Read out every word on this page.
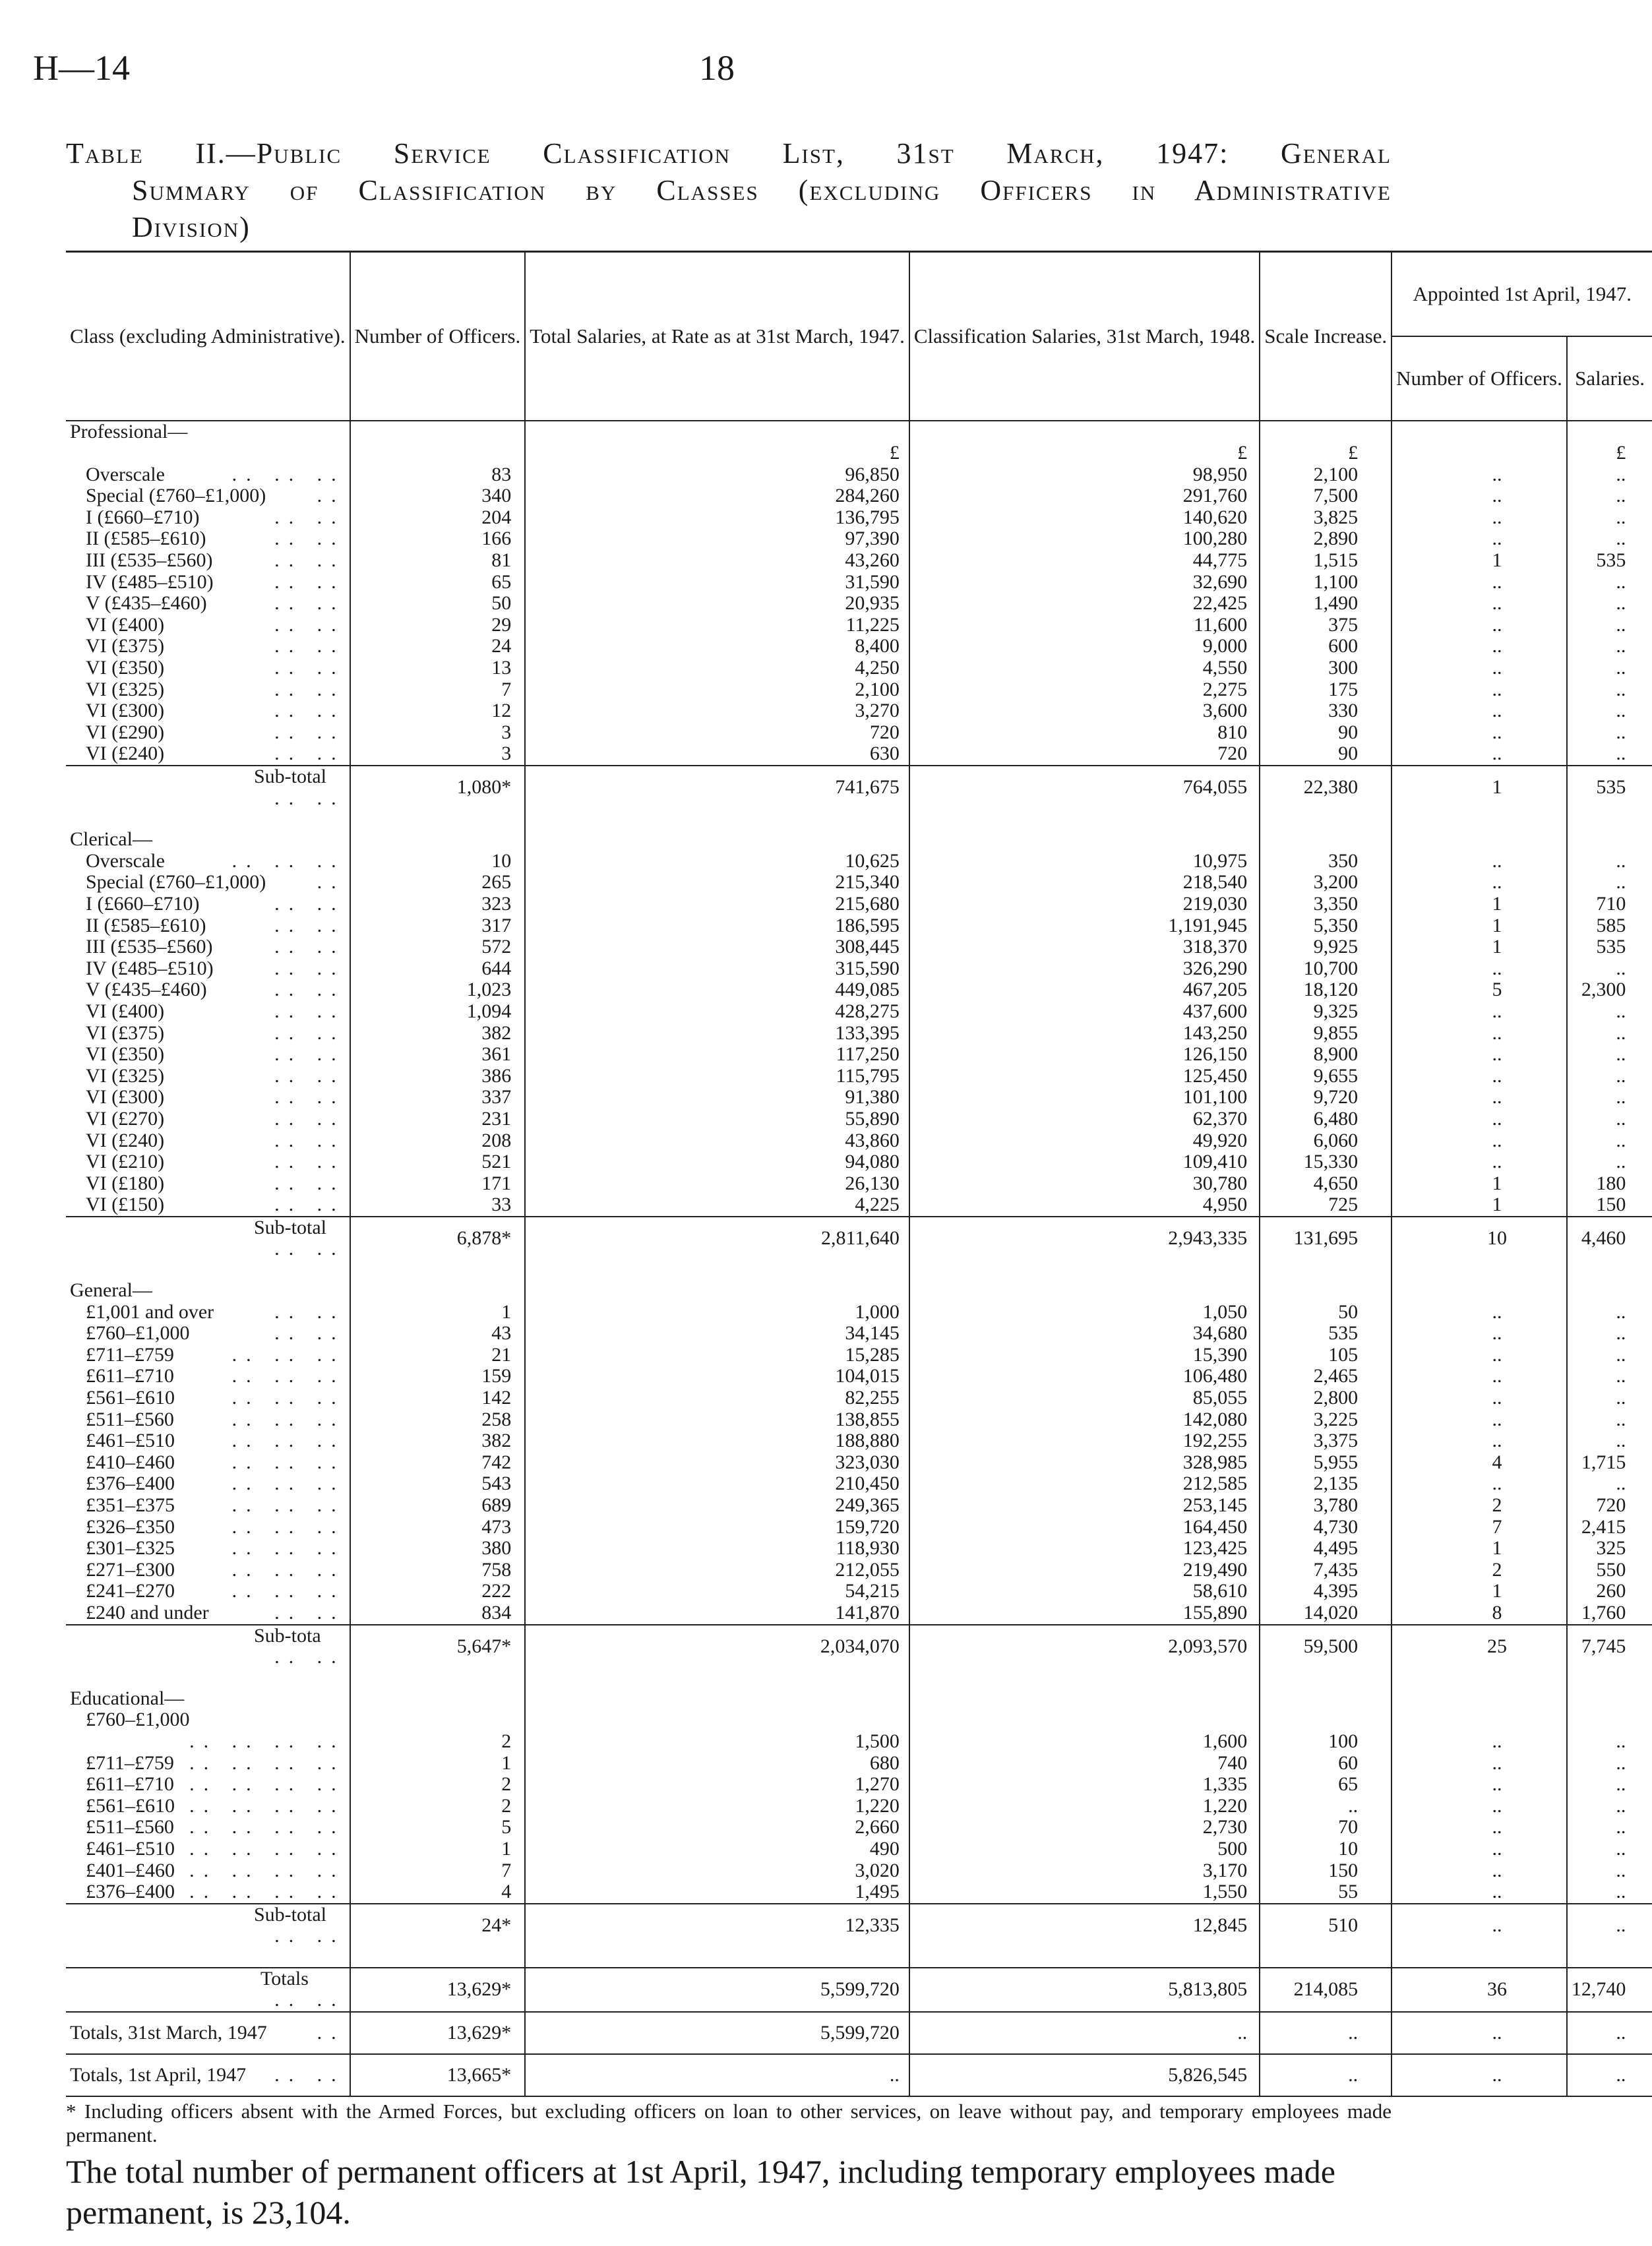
H—14	18
Table II.—Public Service Classification List, 31st March, 1947: General
Summary of Classification by Classes (excluding Officers in Administrative
Division)
Class (excluding Administrative).	Number of Officers.	Total Salaries, at Rate as at 31st March, 1947.	Classification Salaries, 31st March, 1948.	Scale Increase.	Appointed 1st April, 1947.	
					Number of Officers.	Salaries.
Professional—						
		£	£	£		£
Overscale .. .. ..	83	96,850	98,950	2,100	..	..
Special (£760–£1,000) ..	340	284,260	291,760	7,500	..	..
I (£660–£710) .. ..	204	136,795	140,620	3,825	..	..
II (£585–£610) .. ..	166	97,390	100,280	2,890	..	..
III (£535–£560) .. ..	81	43,260	44,775	1,515	1	535
IV (£485–£510) .. ..	65	31,590	32,690	1,100	..	..
V (£435–£460) .. ..	50	20,935	22,425	1,490	..	..
VI (£400) .. ..	29	11,225	11,600	375	..	..
VI (£375) .. ..	24	8,400	9,000	600	..	..
VI (£350) .. ..	13	4,250	4,550	300	..	..
VI (£325) .. ..	7	2,100	2,275	175	..	..
VI (£300) .. ..	12	3,270	3,600	330	..	..
VI (£290) .. ..	3	720	810	90	..	..
VI (£240) .. ..	3	630	720	90	..	..
Sub-total
.. ..	1,080*	741,675	764,055	22,380	1	535

Clerical—						
Overscale .. .. ..	10	10,625	10,975	350	..	..
Special (£760–£1,000) ..	265	215,340	218,540	3,200	..	..
I (£660–£710) .. ..	323	215,680	219,030	3,350	1	710
II (£585–£610) .. ..	317	186,595	1,191,945	5,350	1	585
III (£535–£560) .. ..	572	308,445	318,370	9,925	1	535
IV (£485–£510) .. ..	644	315,590	326,290	10,700	..	..
V (£435–£460) .. ..	1,023	449,085	467,205	18,120	5	2,300
VI (£400) .. ..	1,094	428,275	437,600	9,325	..	..
VI (£375) .. ..	382	133,395	143,250	9,855	..	..
VI (£350) .. ..	361	117,250	126,150	8,900	..	..
VI (£325) .. ..	386	115,795	125,450	9,655	..	..
VI (£300) .. ..	337	91,380	101,100	9,720	..	..
VI (£270) .. ..	231	55,890	62,370	6,480	..	..
VI (£240) .. ..	208	43,860	49,920	6,060	..	..
VI (£210) .. ..	521	94,080	109,410	15,330	..	..
VI (£180) .. ..	171	26,130	30,780	4,650	1	180
VI (£150) .. ..	33	4,225	4,950	725	1	150
Sub-total
.. ..	6,878*	2,811,640	2,943,335	131,695	10	4,460

General—						
£1,001 and over .. ..	1	1,000	1,050	50	..	..
£760–£1,000 .. ..	43	34,145	34,680	535	..	..
£711–£759 .. .. ..	21	15,285	15,390	105	..	..
£611–£710 .. .. ..	159	104,015	106,480	2,465	..	..
£561–£610 .. .. ..	142	82,255	85,055	2,800	..	..
£511–£560 .. .. ..	258	138,855	142,080	3,225	..	..
£461–£510 .. .. ..	382	188,880	192,255	3,375	..	..
£410–£460 .. .. ..	742	323,030	328,985	5,955	4	1,715
£376–£400 .. .. ..	543	210,450	212,585	2,135	..	..
£351–£375 .. .. ..	689	249,365	253,145	3,780	2	720
£326–£350 .. .. ..	473	159,720	164,450	4,730	7	2,415
£301–£325 .. .. ..	380	118,930	123,425	4,495	1	325
£271–£300 .. .. ..	758	212,055	219,490	7,435	2	550
£241–£270 .. .. ..	222	54,215	58,610	4,395	1	260
£240 and under .. ..	834	141,870	155,890	14,020	8	1,760
Sub-tota
.. ..	5,647*	2,034,070	2,093,570	59,500	25	7,745

Educational—						
£760–£1,000
.. .. .. ..	2	1,500	1,600	100	..	..
£711–£759 .. .. .. ..	1	680	740	60	..	..
£611–£710 .. .. .. ..	2	1,270	1,335	65	..	..
£561–£610 .. .. .. ..	2	1,220	1,220	..	..	..
£511–£560 .. .. .. ..	5	2,660	2,730	70	..	..
£461–£510 .. .. .. ..	1	490	500	10	..	..
£401–£460 .. .. .. ..	7	3,020	3,170	150	..	..
£376–£400 .. .. .. ..	4	1,495	1,550	55	..	..
Sub-total
.. ..	24*	12,335	12,845	510	..	..

Totals
.. ..	13,629*	5,599,720	5,813,805	214,085	36	12,740
Totals, 31st March, 1947 ..	13,629*	5,599,720	..	..	..	..
Totals, 1st April, 1947 .. ..	13,665*	..	5,826,545	..	..	..
* Including officers absent with the Armed Forces, but excluding officers on loan to other services, on leave without pay, and temporary employees made permanent.
The total number of permanent officers at 1st April, 1947, including temporary employees made permanent, is 23,104.
